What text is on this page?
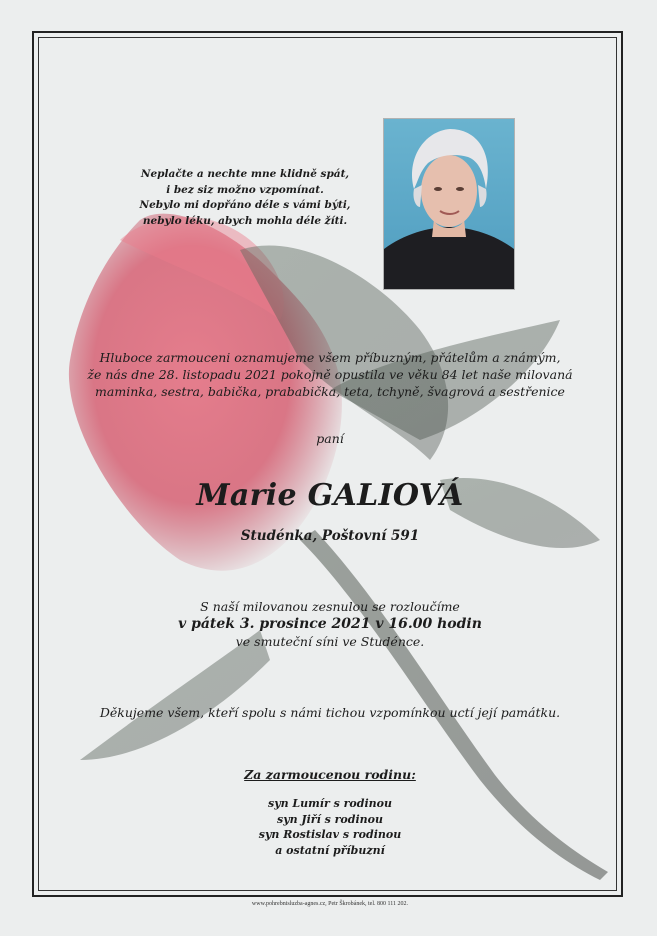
Neplačte a nechte mne klidně spát,
i bez siz možno vzpomínat.
Nebylo mi dopřáno déle s vámi býti,
nebylo léku, abych mohla déle žíti.
Hluboce zarmouceni oznamujeme všem příbuzným, přátelům a známým,
že nás dne 28. listopadu 2021 pokojně opustila ve věku 84 let naše milovaná
maminka, sestra, babička, prababička, teta, tchyně, švagrová a sestřenice
paní
Marie GALIOVÁ
Studénka, Poštovní 591
S naší milovanou zesnulou se rozloučíme
v pátek 3. prosince 2021 v 16.00 hodin
ve smuteční síni ve Studénce.
Děkujeme všem, kteří spolu s námi tichou vzpomínkou uctí její památku.
Za zarmoucenou rodinu:
syn Lumír s rodinou
syn Jiří s rodinou
syn Rostislav s rodinou
a ostatní příbuzní
www.pohrebnisluzba-agnes.cz, Petr Škrobánek, tel. 800 111 202.
